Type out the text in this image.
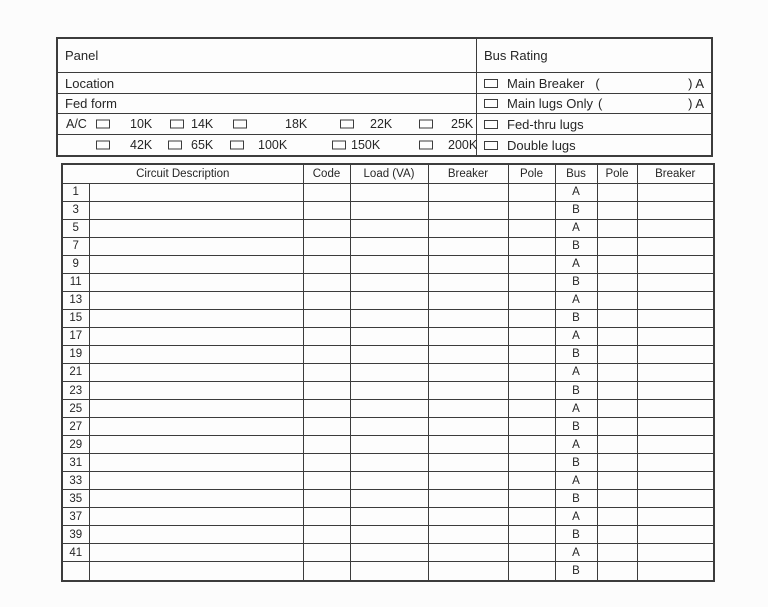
Panel	Bus Rating
Location	Main Breaker (	) A
Fed form	Main lugs Only (	) A
A/C	10K	14K	18K	22K	25K	Fed-thru lugs
42K	65K	100K	150K	200K Double lugs
Circuit Description		Code	Load (VA)	Breaker	Pole	Bus	Pole	Breaker
1						A		
3						B		
5						A		
7						B		
9						A		
11						B		
13						A		
15						B		
17						A		
19						B		
21						A		
23						B		
25						A		
27						B		
29						A		
31						B		
33						A		
35						B		
37						A		
39						B		
41						A		
						B		
